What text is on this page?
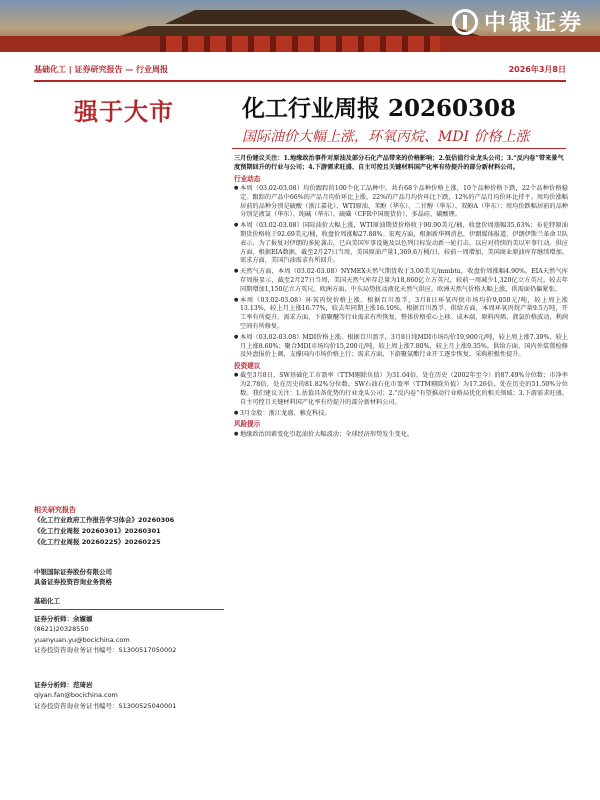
中银证券
基础化工 | 证券研究报告 — 行业周报	2026年3月8日
强于大市	化工行业周报 20260308
国际油价大幅上涨，环氧丙烷、MDI 价格上涨
三月份建议关注：1.地缘政治事件对原油及部分石化产品带来的价格影响；2.低估值行业龙头公司；3.“反内卷”带来景气度预期回升的行业与公司；4.下游需求旺盛、自主可控且关键材料国产化率有待提升的部分新材料公司。
行业动态
● 本周（03.02-03.08）均价跟踪的100个化工品种中，共有68个品种价格上涨，10个品种价格下跌，22个品种价格稳定。跟踪的产品中66%的产品月均价环比上涨，22%的产品月均价环比下跌，12%的产品月均价环比持平。周均价涨幅居前的品种分别是硫酸（浙江嘉化）、WTI原油、苯酚（华东）、二甘醇（华东）、双酚A（华东）；周均价跌幅居前的品种分别是液氯（华东）、纯碱（华东）、硫磺（CFR中国现货价）、多晶硅、碳酸锂。
● 本周（03.02-03.08）国际油价大幅上涨，WTI原油期货价格收于90.90美元/桶，收盘价周涨幅35.63%；布伦特原油期货价格收于92.69美元/桶，收盘价周涨幅27.88%。宏观方面，根据新华网消息，伊朗媒体报道，伊朗伊斯兰革命卫队表示，为了报复对伊朗的多轮袭击，已向美国军事设施及以色列目标发动新一轮打击，以应对持续的美以军事行动。供应方面，根据EIA数据，截至2月27日当周，美国原油产量1,369.6万桶/日，较前一周增加，美国商业原油库存继续增加。需求方面，美国汽油需求有所回升。
● 天然气方面，本周（03.02-03.08）NYMEX天然气期货收于3.00美元/mmbtu，收盘价周涨幅4.90%。EIA天然气库存周报显示，截至2月27日当周，美国天然气库存总量为18,860亿立方英尺，较前一周减少1,320亿立方英尺，较去年同期增加1,150亿立方英尺。欧洲方面，中东局势扰动液化天然气供应，欧洲天然气价格大幅上涨，供需面仍偏紧张。
● 本周（03.02-03.08）环氧丙烷价格上涨。根据百川盈孚，3月8日环氧丙烷市场均价9,050元/吨，较上周上涨13.13%，较上月上涨16.77%，较去年同期上涨16.10%。根据百川盈孚，供给方面，本周环氧丙烷产量9.5万吨，开工率有所提升。需求方面，下游聚醚等行业需求有所恢复，整体价格重心上移。成本端，原料丙烯、液氯价格波动，利润空间有所修复。
● 本周（03.02-03.08）MDI价格上涨。根据百川盈孚，3月8日纯MDI市场均价19,900元/吨，较上周上涨7.39%，较上月上涨8.60%；聚合MDI市场均价15,200元/吨，较上周上涨7.80%，较上月上涨9.35%。供给方面，国内外装置检修及外盘报价上调，支撑国内市场价格上行；需求方面，下游聚氨酯行业开工逐步恢复，采购积极性提升。
投资建议
● 截至3月8日，SW基础化工市盈率（TTM剔除负值）为31.04倍，处在历史（2002年至今）的87.49%分位数；市净率为2.78倍，处在历史的81.82%分位数。SW石油石化市盈率（TTM剔除负值）为17.26倍，处在历史的51.50%分位数。我们建议关注：1.估值具备优势的行业龙头公司；2.“反内卷”有望推动行业格局优化的相关领域；3.下游需求旺盛、自主可控且关键材料国产化率有待提升的部分新材料公司。
● 3月金股：浙江龙盛、雅克科技。
风险提示
● 地缘政治因素变化引起油价大幅波动；全球经济形势发生变化。
相关研究报告
《化工行业政府工作报告学习体会》20260306
《化工行业周报 20260301》20260301
《化工行业周报 20260225》20260225
中银国际证券股份有限公司
具备证券投资咨询业务资格
基础化工
证券分析师：余嫄嫄
(8621)20328550
yuanyuan.yu@bocichina.com
证券投资咨询业务证书编号：S1300517050002
证券分析师：范琦岩
qiyan.fan@bocichina.com
证券投资咨询业务证书编号：S1300525040001
